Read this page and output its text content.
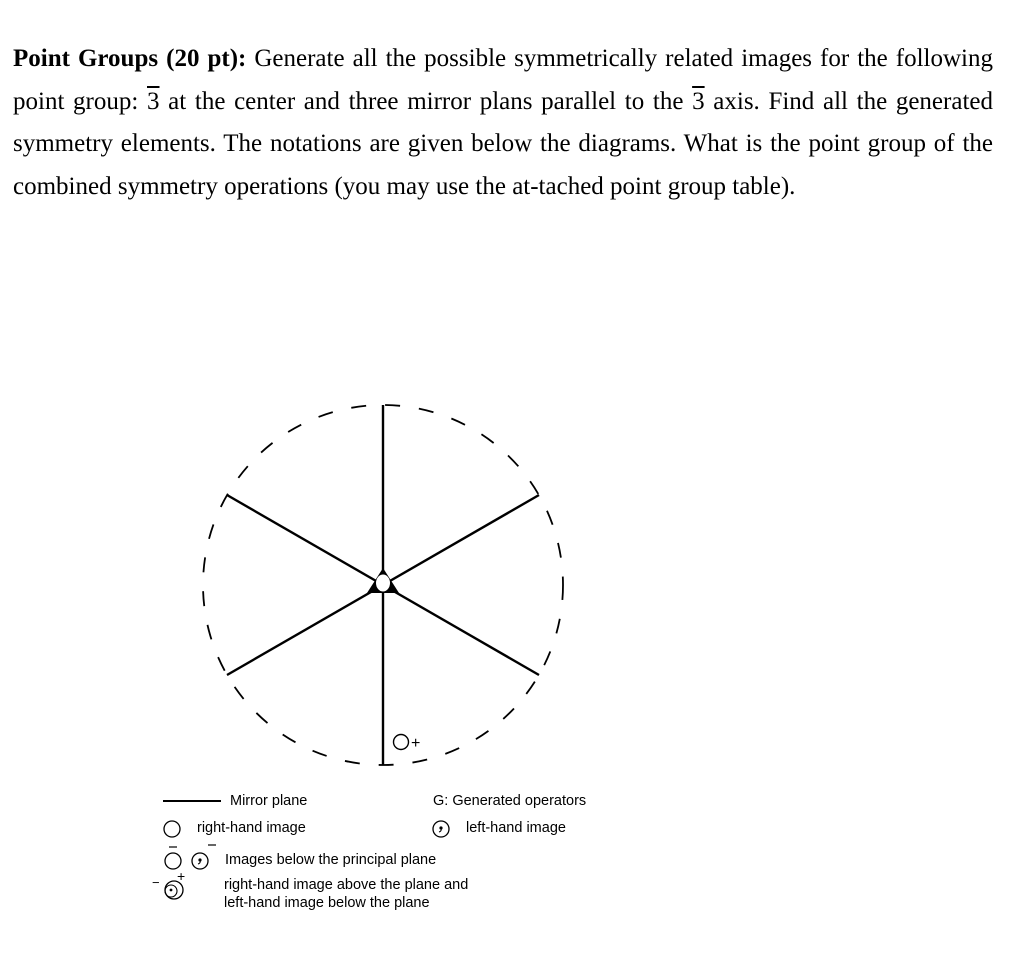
Point Groups (20 pt): Generate all the possible symmetrically related images for the following point group: 3 at the center and three mirror plans parallel to the 3 axis. Find all the generated symmetry elements. The notations are given below the diagrams. What is the point group of the combined symmetry operations (you may use the at-tached point group table).

+
− +
Mirror plane	G: Generated operators
right-hand image	left-hand image
Images below the principal plane
right-hand image above the plane and
left-hand image below the plane
